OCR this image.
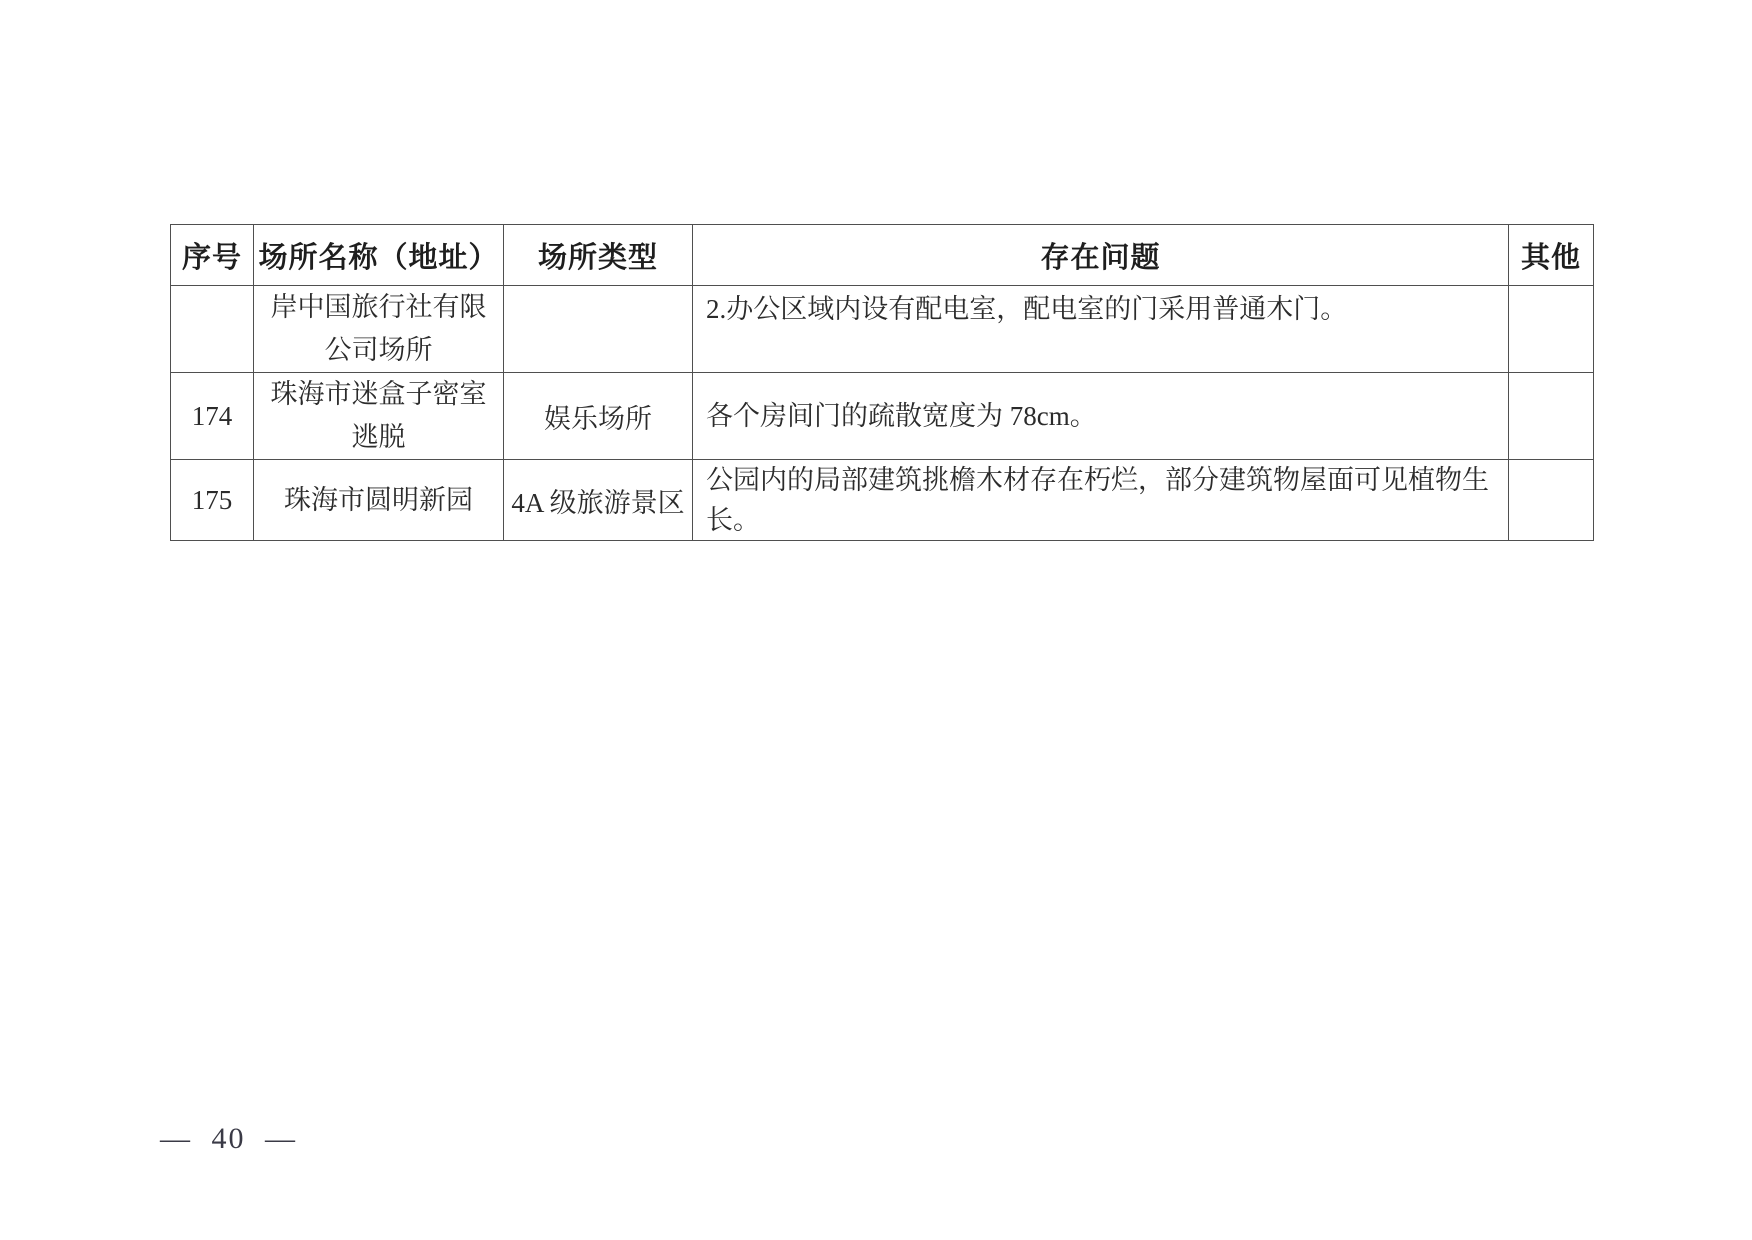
序号	场所名称（地址）	场所类型	存在问题	其他
	岸中国旅行社有限公司场所		2.办公区域内设有配电室，配电室的门采用普通木门。	
174	珠海市迷盒子密室逃脱	娱乐场所	各个房间门的疏散宽度为 78cm。	
175	珠海市圆明新园	4A 级旅游景区	公园内的局部建筑挑檐木材存在朽烂，部分建筑物屋面可见植物生长。	
— 40 —
